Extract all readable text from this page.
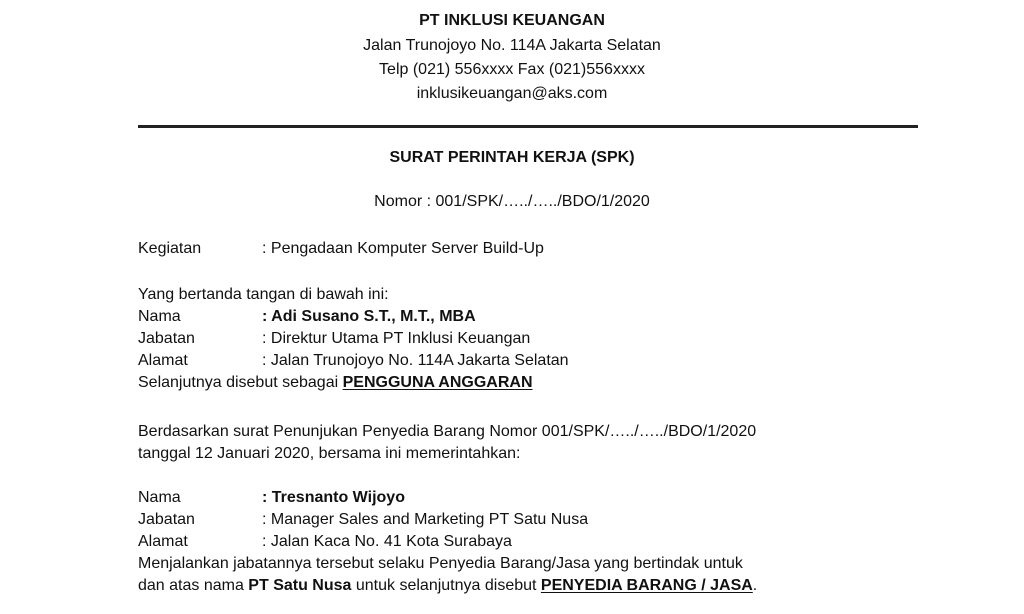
PT INKLUSI KEUANGAN
Jalan Trunojoyo No. 114A Jakarta Selatan
Telp (021) 556xxxx Fax (021)556xxxx
inklusikeuangan@aks.com
SURAT PERINTAH KERJA (SPK)
Nomor : 001/SPK/…../…../BDO/1/2020
Kegiatan	: Pengadaan Komputer Server Build-Up
Yang bertanda tangan di bawah ini:
Nama	: Adi Susano S.T., M.T., MBA
Jabatan	: Direktur Utama PT Inklusi Keuangan
Alamat	: Jalan Trunojoyo No. 114A Jakarta Selatan
Selanjutnya disebut sebagai PENGGUNA ANGGARAN
Berdasarkan surat Penunjukan Penyedia Barang Nomor 001/SPK/…../…../BDO/1/2020
tanggal 12 Januari 2020, bersama ini memerintahkan:
Nama	: Tresnanto Wijoyo
Jabatan	: Manager Sales and Marketing PT Satu Nusa
Alamat	: Jalan Kaca No. 41 Kota Surabaya
Menjalankan jabatannya tersebut selaku Penyedia Barang/Jasa yang bertindak untuk
dan atas nama PT Satu Nusa untuk selanjutnya disebut PENYEDIA BARANG / JASA.
